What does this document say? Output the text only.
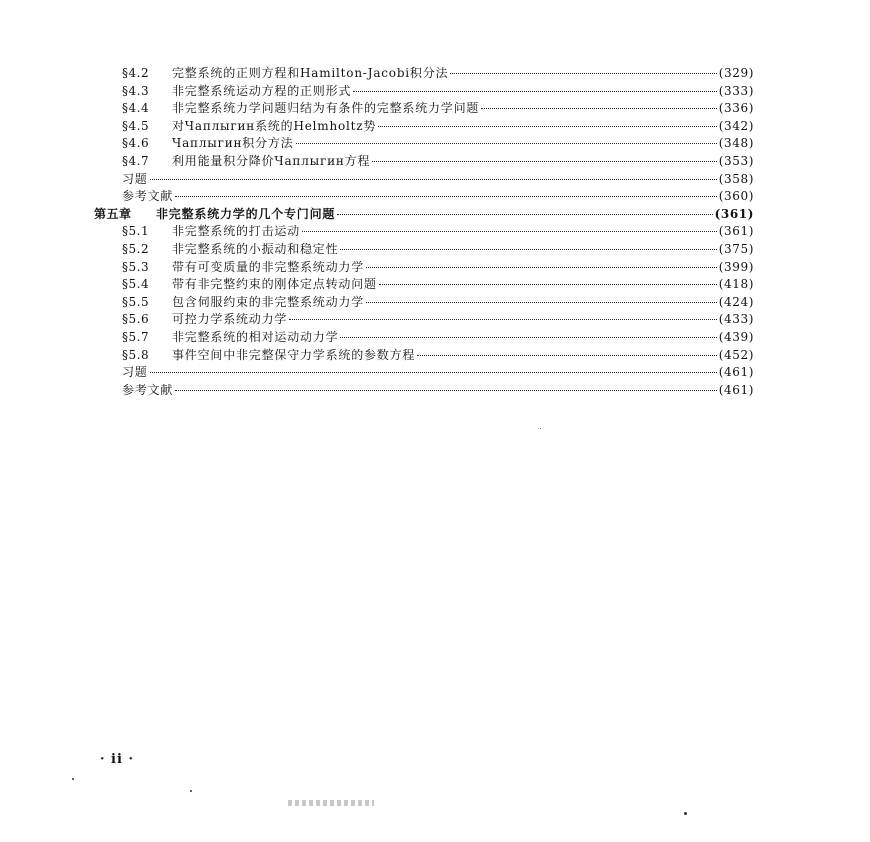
§4.2	完整系统的正则方程和Hamilton-Jacobi积分法	(329)
§4.3	非完整系统运动方程的正则形式	(333)
§4.4	非完整系统力学问题归结为有条件的完整系统力学问题	(336)
§4.5	对Чаплыгин系统的Helmholtz势	(342)
§4.6	Чаплыгин积分方法	(348)
§4.7	利用能量积分降价Чаплыгин方程	(353)
习题	(358)
参考文献	(360)
第五章	非完整系统力学的几个专门问题	(361)
§5.1	非完整系统的打击运动	(361)
§5.2	非完整系统的小振动和稳定性	(375)
§5.3	带有可变质量的非完整系统动力学	(399)
§5.4	带有非完整约束的刚体定点转动问题	(418)
§5.5	包含伺服约束的非完整系统动力学	(424)
§5.6	可控力学系统动力学	(433)
§5.7	非完整系统的相对运动动力学	(439)
§5.8	事件空间中非完整保守力学系统的参数方程	(452)
习题	(461)
参考文献	(461)
· ii ·
